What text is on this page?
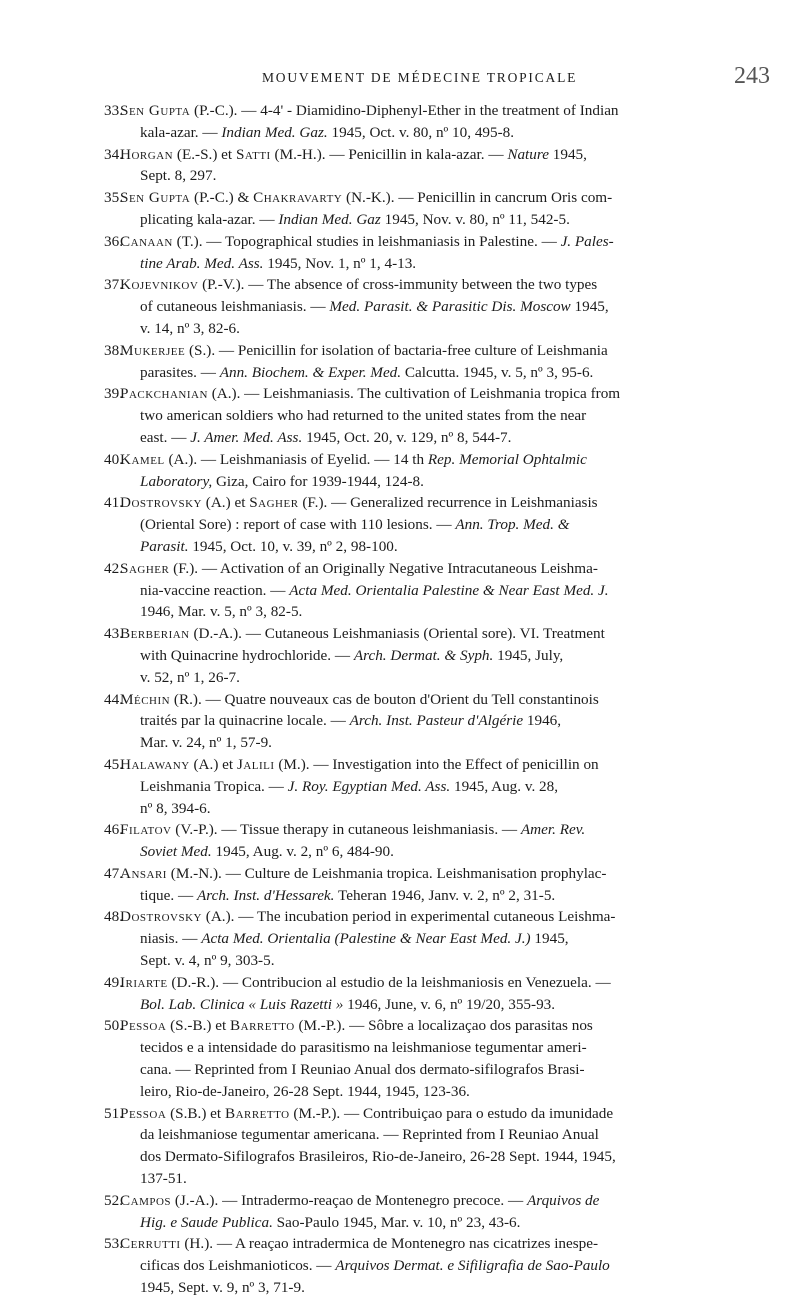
MOUVEMENT DE MÉDECINE TROPICALE	243
33.
Sen Gupta (P.-C.). — 4-4' - Diamidino-Diphenyl-Ether in the treatment of Indian
kala-azar. — Indian Med. Gaz. 1945, Oct. v. 80, nº 10, 495-8.
34.
Horgan (E.-S.) et Satti (M.-H.). — Penicillin in kala-azar. — Nature 1945,
Sept. 8, 297.
35.
Sen Gupta (P.-C.) & Chakravarty (N.-K.). — Penicillin in cancrum Oris com-
plicating kala-azar. — Indian Med. Gaz 1945, Nov. v. 80, nº 11, 542-5.
36.
Canaan (T.). — Topographical studies in leishmaniasis in Palestine. — J. Pales-
tine Arab. Med. Ass. 1945, Nov. 1, nº 1, 4-13.
37.
Kojevnikov (P.-V.). — The absence of cross-immunity between the two types
of cutaneous leishmaniasis. — Med. Parasit. & Parasitic Dis. Moscow 1945,
v. 14, nº 3, 82-6.
38.
Mukerjee (S.). — Penicillin for isolation of bactaria-free culture of Leishmania
parasites. — Ann. Biochem. & Exper. Med. Calcutta. 1945, v. 5, nº 3, 95-6.
39.
Packchanian (A.). — Leishmaniasis. The cultivation of Leishmania tropica from
two american soldiers who had returned to the united states from the near
east. — J. Amer. Med. Ass. 1945, Oct. 20, v. 129, nº 8, 544-7.
40.
Kamel (A.). — Leishmaniasis of Eyelid. — 14 th Rep. Memorial Ophtalmic
Laboratory, Giza, Cairo for 1939-1944, 124-8.
41.
Dostrovsky (A.) et Sagher (F.). — Generalized recurrence in Leishmaniasis
(Oriental Sore) : report of case with 110 lesions. — Ann. Trop. Med. &
Parasit. 1945, Oct. 10, v. 39, nº 2, 98-100.
42.
Sagher (F.). — Activation of an Originally Negative Intracutaneous Leishma-
nia-vaccine reaction. — Acta Med. Orientalia Palestine & Near East Med. J.
1946, Mar. v. 5, nº 3, 82-5.
43.
Berberian (D.-A.). — Cutaneous Leishmaniasis (Oriental sore). VI. Treatment
with Quinacrine hydrochloride. — Arch. Dermat. & Syph. 1945, July,
v. 52, nº 1, 26-7.
44.
Méchin (R.). — Quatre nouveaux cas de bouton d'Orient du Tell constantinois
traités par la quinacrine locale. — Arch. Inst. Pasteur d'Algérie 1946,
Mar. v. 24, nº 1, 57-9.
45.
Halawany (A.) et Jalili (M.). — Investigation into the Effect of penicillin on
Leishmania Tropica. — J. Roy. Egyptian Med. Ass. 1945, Aug. v. 28,
nº 8, 394-6.
46.
Filatov (V.-P.). — Tissue therapy in cutaneous leishmaniasis. — Amer. Rev.
Soviet Med. 1945, Aug. v. 2, nº 6, 484-90.
47.
Ansari (M.-N.). — Culture de Leishmania tropica. Leishmanisation prophylac-
tique. — Arch. Inst. d'Hessarek. Teheran 1946, Janv. v. 2, nº 2, 31-5.
48.
Dostrovsky (A.). — The incubation period in experimental cutaneous Leishma-
niasis. — Acta Med. Orientalia (Palestine & Near East Med. J.) 1945,
Sept. v. 4, nº 9, 303-5.
49.
Iriarte (D.-R.). — Contribucion al estudio de la leishmaniosis en Venezuela. —
Bol. Lab. Clinica « Luis Razetti » 1946, June, v. 6, nº 19/20, 355-93.
50.
Pessoa (S.-B.) et Barretto (M.-P.). — Sôbre a localizaçao dos parasitas nos
tecidos e a intensidade do parasitismo na leishmaniose tegumentar ameri-
cana. — Reprinted from I Reuniao Anual dos dermato-sifilografos Brasi-
leiro, Rio-de-Janeiro, 26-28 Sept. 1944, 1945, 123-36.
51.
Pessoa (S.B.) et Barretto (M.-P.). — Contribuiçao para o estudo da imunidade
da leishmaniose tegumentar americana. — Reprinted from I Reuniao Anual
dos Dermato-Sifilografos Brasileiros, Rio-de-Janeiro, 26-28 Sept. 1944, 1945,
137-51.
52.
Campos (J.-A.). — Intradermo-reaçao de Montenegro precoce. — Arquivos de
Hig. e Saude Publica. Sao-Paulo 1945, Mar. v. 10, nº 23, 43-6.
53.
Cerrutti (H.). — A reaçao intradermica de Montenegro nas cicatrizes inespe-
cificas dos Leishmanioticos. — Arquivos Dermat. e Sifiligrafia de Sao-Paulo
1945, Sept. v. 9, nº 3, 71-9.
